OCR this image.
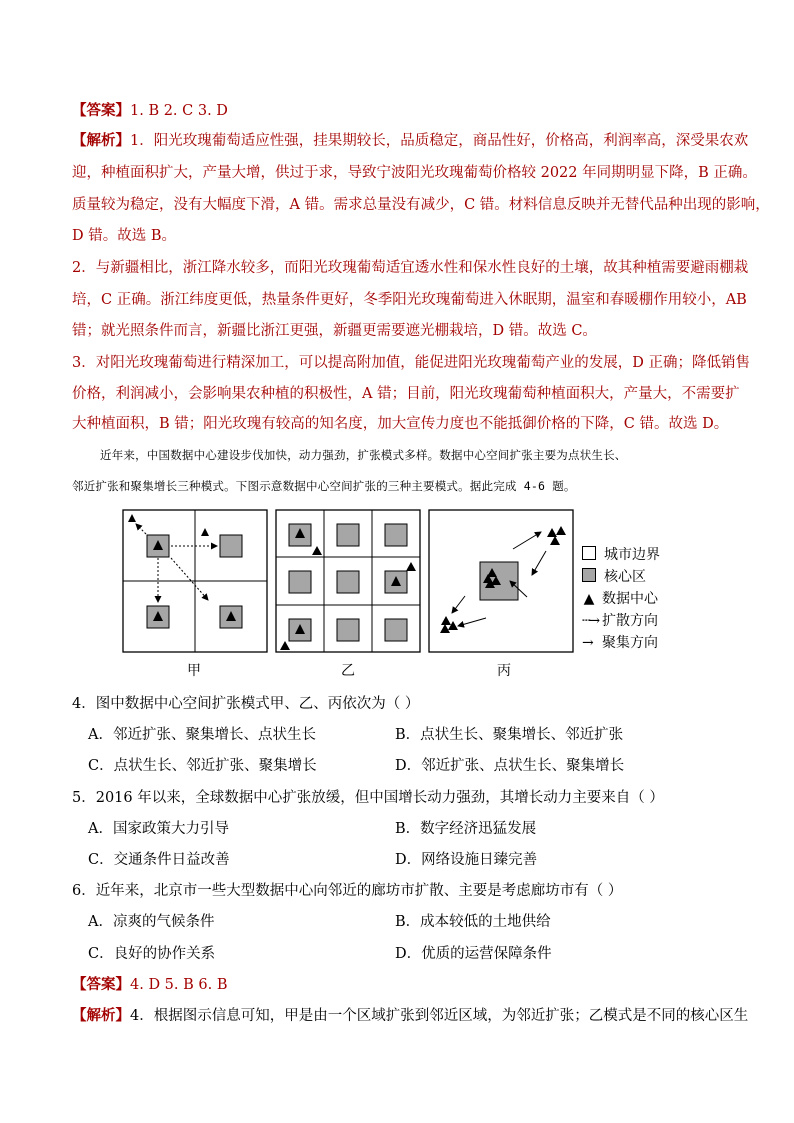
【答案】1. B 2. C 3. D
【解析】1．阳光玫瑰葡萄适应性强，挂果期较长，品质稳定，商品性好，价格高，利润率高，深受果农欢
迎，种植面积扩大，产量大增，供过于求，导致宁波阳光玫瑰葡萄价格较 2022 年同期明显下降，B 正确。
质量较为稳定，没有大幅度下滑，A 错。需求总量没有减少，C 错。材料信息反映并无替代品种出现的影响，
D 错。故选 B。
2．与新疆相比，浙江降水较多，而阳光玫瑰葡萄适宜透水性和保水性良好的土壤，故其种植需要避雨棚栽
培，C 正确。浙江纬度更低，热量条件更好，冬季阳光玫瑰葡萄进入休眠期，温室和春暖棚作用较小，AB
错；就光照条件而言，新疆比浙江更强，新疆更需要遮光棚栽培，D 错。故选 C。
3．对阳光玫瑰葡萄进行精深加工，可以提高附加值，能促进阳光玫瑰葡萄产业的发展，D 正确；降低销售
价格，利润减小，会影响果农种植的积极性，A 错；目前，阳光玫瑰葡萄种植面积大，产量大，不需要扩
大种植面积，B 错；阳光玫瑰有较高的知名度，加大宣传力度也不能抵御价格的下降，C 错。故选 D。
近年来，中国数据中心建设步伐加快，动力强劲，扩张模式多样。数据中心空间扩张主要为点状生长、
邻近扩张和聚集增长三种模式。下图示意数据中心空间扩张的三种主要模式。据此完成 4-6 题。
甲	乙	丙
城市边界
核心区
▲ 数据中心
┄→ 扩散方向
→ 聚集方向
4．图中数据中心空间扩张模式甲、乙、丙依次为（ ）
A．邻近扩张、聚集增长、点状生长	B．点状生长、聚集增长、邻近扩张
C．点状生长、邻近扩张、聚集增长	D．邻近扩张、点状生长、聚集增长
5．2016 年以来，全球数据中心扩张放缓，但中国增长动力强劲，其增长动力主要来自（ ）
A．国家政策大力引导	B．数字经济迅猛发展
C．交通条件日益改善	D．网络设施日臻完善
6．近年来，北京市一些大型数据中心向邻近的廊坊市扩散、主要是考虑廊坊市有（ ）
A．凉爽的气候条件	B．成本较低的土地供给
C．良好的协作关系	D．优质的运营保障条件
【答案】4. D 5. B 6. B
【解析】4．根据图示信息可知，甲是由一个区域扩张到邻近区域，为邻近扩张；乙模式是不同的核心区生
